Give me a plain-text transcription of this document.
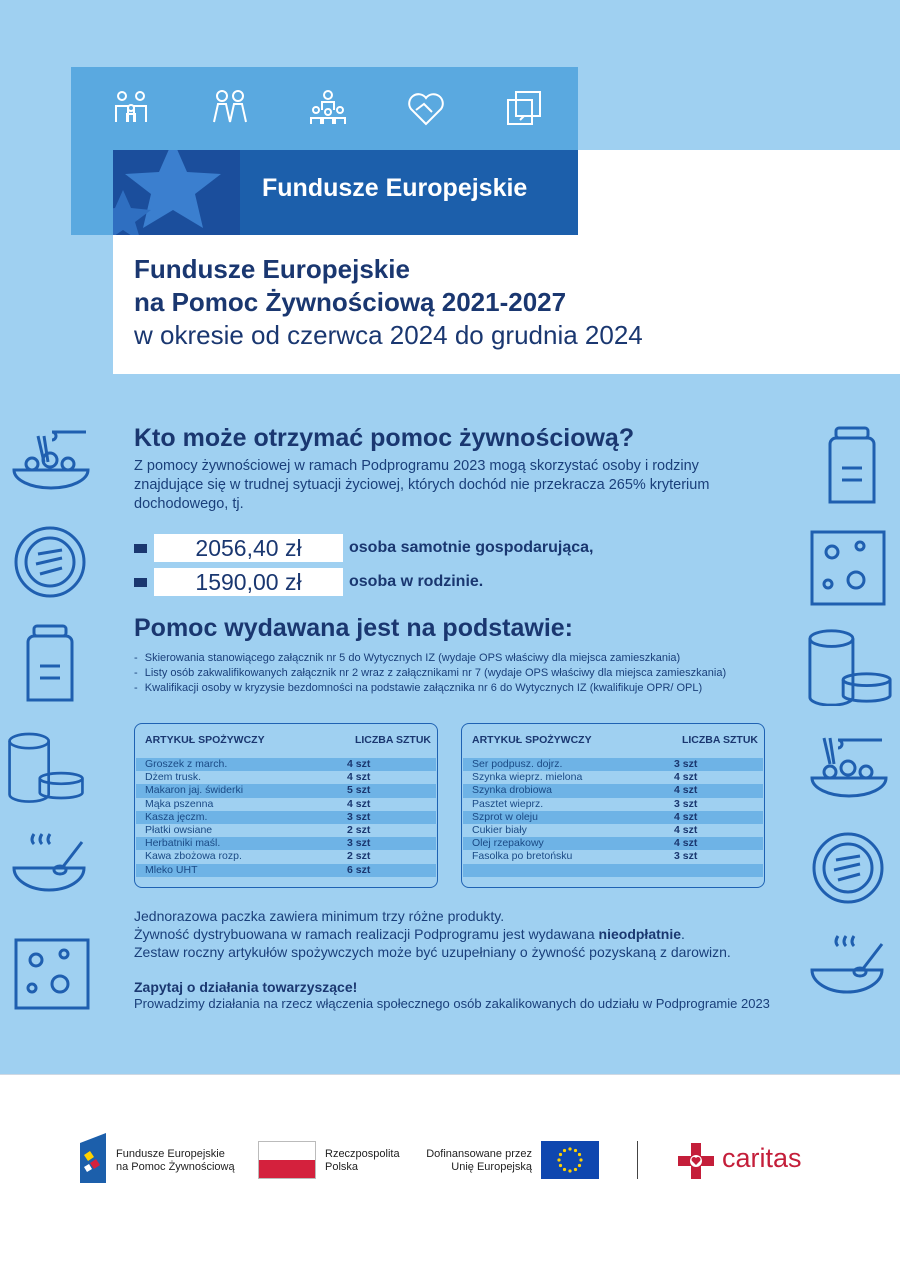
Fundusze Europejskie
Fundusze Europejskie
na Pomoc Żywnościową 2021-2027
w okresie od czerwca 2024 do grudnia 2024
Kto może otrzymać pomoc żywnościową?
Z pomocy żywnościowej w ramach Podprogramu 2023 mogą skorzystać osoby i rodziny znajdujące się w trudnej sytuacji życiowej, których dochód nie przekracza 265% kryterium dochodowego, tj.
2056,40 zł	osoba samotnie gospodarująca,
1590,00 zł	osoba w rodzinie.
Pomoc wydawana jest na podstawie:
- Skierowania stanowiącego załącznik nr 5 do Wytycznych IZ (wydaje OPS właściwy dla miejsca zamieszkania)
- Listy osób zakwalifikowanych załącznik nr 2 wraz z załącznikami nr 7 (wydaje OPS właściwy dla miejsca zamieszkania)
- Kwalifikacji osoby w kryzysie bezdomności na podstawie załącznika nr 6 do Wytycznych IZ (kwalifikuje OPR/ OPL)
ARTYKUŁ SPOŻYWCZY	LICZBA SZTUK
Groszek z march.	4 szt
Dżem trusk.	4 szt
Makaron jaj. świderki	5 szt
Mąka pszenna	4 szt
Kasza jęczm.	3 szt
Płatki owsiane	2 szt
Herbatniki maśl.	3 szt
Kawa zbożowa rozp.	2 szt
Mleko UHT	6 szt
ARTYKUŁ SPOŻYWCZY	LICZBA SZTUK
Ser podpusz. dojrz.	3 szt
Szynka wieprz. mielona	4 szt
Szynka drobiowa	4 szt
Pasztet wieprz.	3 szt
Szprot w oleju	4 szt
Cukier biały	4 szt
Olej rzepakowy	4 szt
Fasolka po bretońsku	3 szt
Jednorazowa paczka zawiera minimum trzy różne produkty.
Żywność dystrybuowana w ramach realizacji Podprogramu jest wydawana nieodpłatnie.
Zestaw roczny artykułów spożywczych może być uzupełniany o żywność pozyskaną z darowizn.
Zapytaj o działania towarzyszące!
Prowadzimy działania na rzecz włączenia społecznego osób zakalikowanych do udziału w Podprogramie 2023
Fundusze Europejskie
na Pomoc Żywnościową
Rzeczpospolita
Polska
Dofinansowane przez
Unię Europejską	caritas
